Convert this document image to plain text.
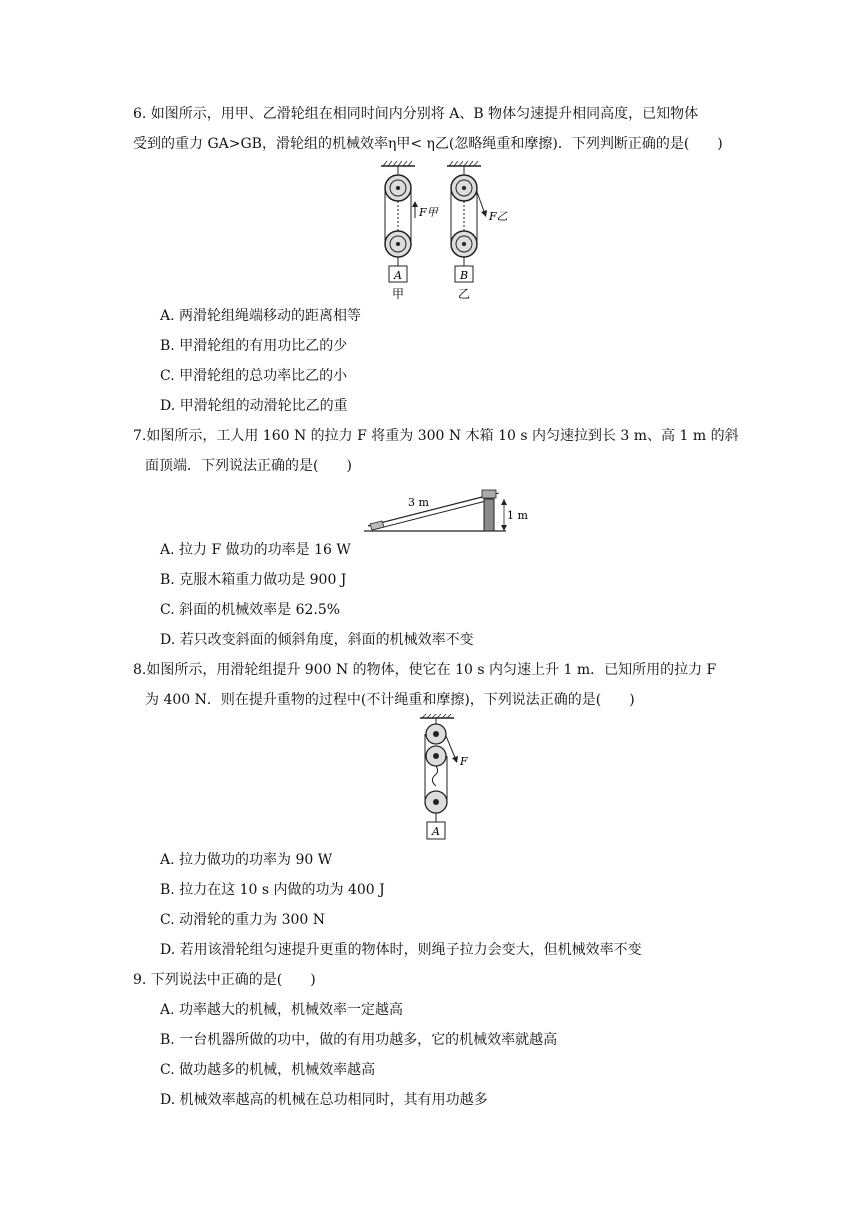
6. 如图所示，用甲、乙滑轮组在相同时间内分别将 A、B 物体匀速提升相同高度，已知物体
受到的重力 GA>GB，滑轮组的机械效率η甲< η乙(忽略绳重和摩擦)．下列判断正确的是(　　)
F甲	F乙
A	B
甲	乙
A. 两滑轮组绳端移动的距离相等
B. 甲滑轮组的有用功比乙的少
C. 甲滑轮组的总功率比乙的小
D. 甲滑轮组的动滑轮比乙的重
7.如图所示，工人用 160 N 的拉力 F 将重为 300 N 木箱 10 s 内匀速拉到长 3 m、高 1 m 的斜
面顶端．下列说法正确的是(　　)
3 m
1 m
A. 拉力 F 做功的功率是 16 W
B. 克服木箱重力做功是 900 J
C. 斜面的机械效率是 62.5%
D. 若只改变斜面的倾斜角度，斜面的机械效率不变
8.如图所示，用滑轮组提升 900 N 的物体，使它在 10 s 内匀速上升 1 m．已知所用的拉力 F
为 400 N．则在提升重物的过程中(不计绳重和摩擦)，下列说法正确的是(　　)
F
A
A. 拉力做功的功率为 90 W
B. 拉力在这 10 s 内做的功为 400 J
C. 动滑轮的重力为 300 N
D. 若用该滑轮组匀速提升更重的物体时，则绳子拉力会变大，但机械效率不变
9. 下列说法中正确的是(　　)
A. 功率越大的机械，机械效率一定越高
B. 一台机器所做的功中，做的有用功越多，它的机械效率就越高
C. 做功越多的机械，机械效率越高
D. 机械效率越高的机械在总功相同时，其有用功越多
